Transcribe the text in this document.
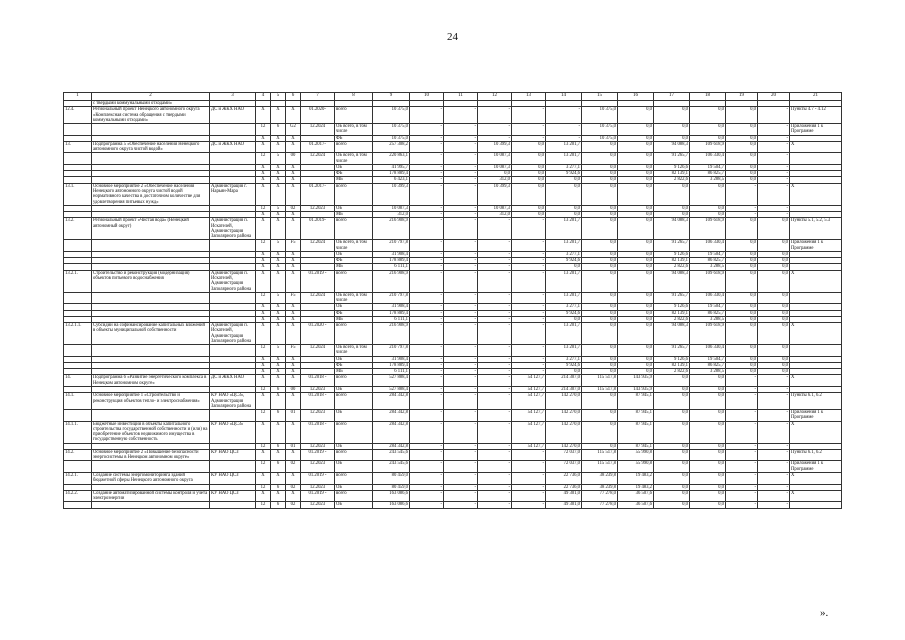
24
1	2	3	4	5	6	7	8	9	10	11	12	13	14	15	16	17	18	19	20	21
	с твердыми коммунальными отходами»																			
12.4.	Региональный проект Ненецкого автономного округа «Комплексная система обращения с твердыми коммунальными отходами»	ДС и ЖКХ НАО	Х	Х	Х	01.2020-	всего	10 375,0	-	-	-	-	-	10 375,0	0,0	0,0	0,0	0,0	-	Пункты 4.7 - 4.12
			12	6	G2	12.2024	ОБ всего, в том числе	10 375,0	-	-	-	-	-	10 375,0	0,0	0,0	0,0	0,0	-	Приложения 1 к Программе
			Х	Х	Х		ФБ	10 375,0	-	-	-	-	-	10 375,0	0,0	0,0	0,0	0,0	-	
13.	Подпрограмма 5 «Обеспечение населения Ненецкого автономного округа чистой водой»	ДС и ЖКХ НАО	Х	Х	Х	01.2017-	всего	257 308,2	-	-	10 399,3	0,0	13 201,7	0,0	0,0	94 088,3	109 618,9	0,0	-	Х
			12	5	00	12.2024	ОБ всего, в том числе	220 863,1	-	-	10 087,3	0,0	13 201,7	0,0	0,0	91 265,7	106 330,4	0,0	-	
			Х	Х	Х		ОБ	41 995,7	-	-	10 087,3	0,0	3 277,1	0,0	0,0	9 126,6	19 504,7	0,0	-	
			Х	Х	Х		ФБ	178 889,4	-	-	0,0	0,0	9 924,6	0,0	0,0	82 139,1	86 825,7	0,0	-	
			Х	Х	Х		МБ	6 423,1	-	-	312,0	0,0	0,0	0,0	0,0	2 822,6	3 288,5	0,0	-	
13.1.	Основное мероприятие 2 «Обеспечение населения Ненецкого автономного округа чистой водой нормативного качества в достаточном количестве для удовлетворения питьевых нужд»	Администрация г. Нарьян-Мара	Х	Х	Х	01.2017-	всего	10 399,3	-	-	10 399,3	0,0	0,0	0,0	0,0	0,0	0,0	-	-	Х
			12	5	02	12.2023	ОБ	10 087,3	-	-	10 087,3	0,0	0,0	0,0	0,0	0,0	0,0	-	-	
			Х	Х	Х		МБ	312,0	-	-	312,0	0,0	0,0	0,0	0,0	0,0	0,0	-	-	
13.2.	Региональный проект «Чистая вода» (Ненецкий автономный округ)	Администрация п. Искателей, Администрация Заполярного района	Х	Х	Х	01.2019-	всего	216 908,9	-	-	-	-	13 201,7	0,0	0,0	94 088,3	109 618,9	0,0	0,0	Пункты 5.1, 5.2, 5.3
			12	5	F5	12.2024	ОБ всего, в том числе	210 797,8	-	-	-	-	13 201,7	0,0	0,0	91 265,7	106 330,4	0,0	0,0	Приложения 1 к Программе
			Х	Х	Х		ОБ	31 908,4	-	-	-	-	3 277,1	0,0	0,0	9 126,6	19 504,7	0,0	0,0	
			Х	Х	Х		ФБ	178 889,4	-	-	-	-	9 924,6	0,0	0,0	82 139,1	86 825,7	0,0	0,0	
			Х	Х	Х		МБ	6 111,1	-	-	-	-	0,0	0,0	0,0	2 822,6	3 288,5	0,0	0,0	
13.2.1.	Строительство и реконструкция (модернизация) объектов питьевого водоснабжения	Администрация п. Искателей, Администрация Заполярного района	Х	Х	Х	01.2019 -	всего	216 908,9	-	-	-	-	13 201,7	0,0	0,0	94 088,3	109 618,9	0,0	0,0	Х
			12	5	F5	12.2024	ОБ всего, в том числе	210 797,8	-	-	-	-	13 201,7	0,0	0,0	91 265,7	106 330,4	0,0	0,0	
			Х	Х	Х		ОБ	31 908,4	-	-	-	-	3 277,1	0,0	0,0	9 126,6	19 504,7	0,0	0,0	
			Х	Х	Х		ФБ	178 889,4	-	-	-	-	9 924,6	0,0	0,0	82 139,1	86 825,7	0,0	0,0	
			Х	Х	Х		МБ	6 111,1	-	-	-	-	0,0	0,0	0,0	2 822,6	3 288,5	0,0	0,0	
13.2.1.1.	Субсидии на софинансирование капитальных вложений в объекты муниципальной собственности	Администрация п. Искателей, Администрация Заполярного района	Х	Х	Х	01.2020 -	всего	216 908,9	-	-	-	-	13 201,7	0,0	0,0	94 088,3	109 618,9	0,0	0,0	Х
			12	5	F5	12.2024	ОБ всего, в том числе	210 797,8	-	-	-	-	13 201,7	0,0	0,0	91 265,7	106 330,4	0,0	0,0	
			Х	Х	Х		ОБ	31 908,4	-	-	-	-	3 277,1	0,0	0,0	9 126,6	19 504,7	0,0	0,0	
			Х	Х	Х		ФБ	178 889,4	-	-	-	-	9 924,6	0,0	0,0	82 139,1	86 825,7	0,0	0,0	
			Х	Х	Х		МБ	6 111,1	-	-	-	-	0,0	0,0	0,0	2 822,6	3 288,5	0,0	0,0	
14.	Подпрограмма 6 «Развитие энергетического комплекса в Ненецком автономном округе»	ДС и ЖКХ НАО	Х	Х	Х	01.2018 -	всего	527 888,4	-	-	-	54 127,7	214 307,0	115 517,8	143 935,9	0,0	0,0	-	-	Х
			12	6	00	12.2023	ОБ	527 888,4	-	-	-	54 127,7	214 307,0	115 517,8	143 935,9	0,0	0,0	-	-	
14.1.	Основное мероприятие 1 «Строительство и реконструкция объектов тепло- и электроснабжения»	КУ НАО «ЦСЗ», Администрация Заполярного района	Х	Х	Х	01.2018 -	всего	284 342,8	-	-	-	54 127,7	142 270,0	0,0	87 945,1	0,0	0,0	-	-	Пункты 6.1, 6.2
			12	6	01	12.2023	ОБ	284 342,8	-	-	-	54 127,7	142 270,0	0,0	87 945,1	0,0	0,0	-	-	Приложения 1 к Программе
14.1.1.	Бюджетные инвестиции в объекты капитального строительства государственной собственности и (или) на приобретение объектов недвижимого имущества в государственную собственность	КУ НАО «ЦСЗ»	Х	Х	Х	01.2018 -	всего	284 342,8	-	-	-	54 127,7	142 270,0	0,0	87 945,1	0,0	0,0	-	-	Х
			12	6	01	12.2023	ОБ	284 342,8	-	-	-	54 127,7	142 270,0	0,0	87 945,1	0,0	0,0	-	-	
14.2.	Основное мероприятие 2 «Повышение безопасности энергосистемы в Ненецком автономном округе»	КУ НАО ЦСЗ	Х	Х	Х	01.2019 -	всего	243 545,6	-	-	-	-	72 037,0	115 517,8	55 990,8	0,0	0,0	-	-	Пункты 6.1, 6.2
			12	6	02	12.2023	ОБ	243 545,6	-	-	-	-	72 037,0	115 517,8	55 990,8	0,0	0,0	-	-	Приложения 1 к Программе
14.2.1.	Создание системы энергомониторинга зданий бюджетной сферы Ненецкого автономного округа	КУ НАО ЦСЗ	Х	Х	Х	01.2019 -	всего	80 459,0	-	-	-	-	22 736,0	38 239,8	19 483,2	0,0	0,0	-	-	Х
			12	6	02	12.2023	ОБ	80 459,0	-	-	-	-	22 736,0	38 239,8	19 483,2	0,0	0,0	-	-	
14.2.2.	Создание автоматизированной системы контроля и учета электроэнергии	КУ НАО ЦСЗ	Х	Х	Х	01.2019 -	всего	163 086,6	-	-	-	-	49 301,0	77 278,0	36 507,6	0,0	0,0	-	-	Х
			12	6	02	12.2023	ОБ	163 086,6	-	-	-	-	49 301,0	77 278,0	36 507,6	0,0	0,0	-	-	
».
